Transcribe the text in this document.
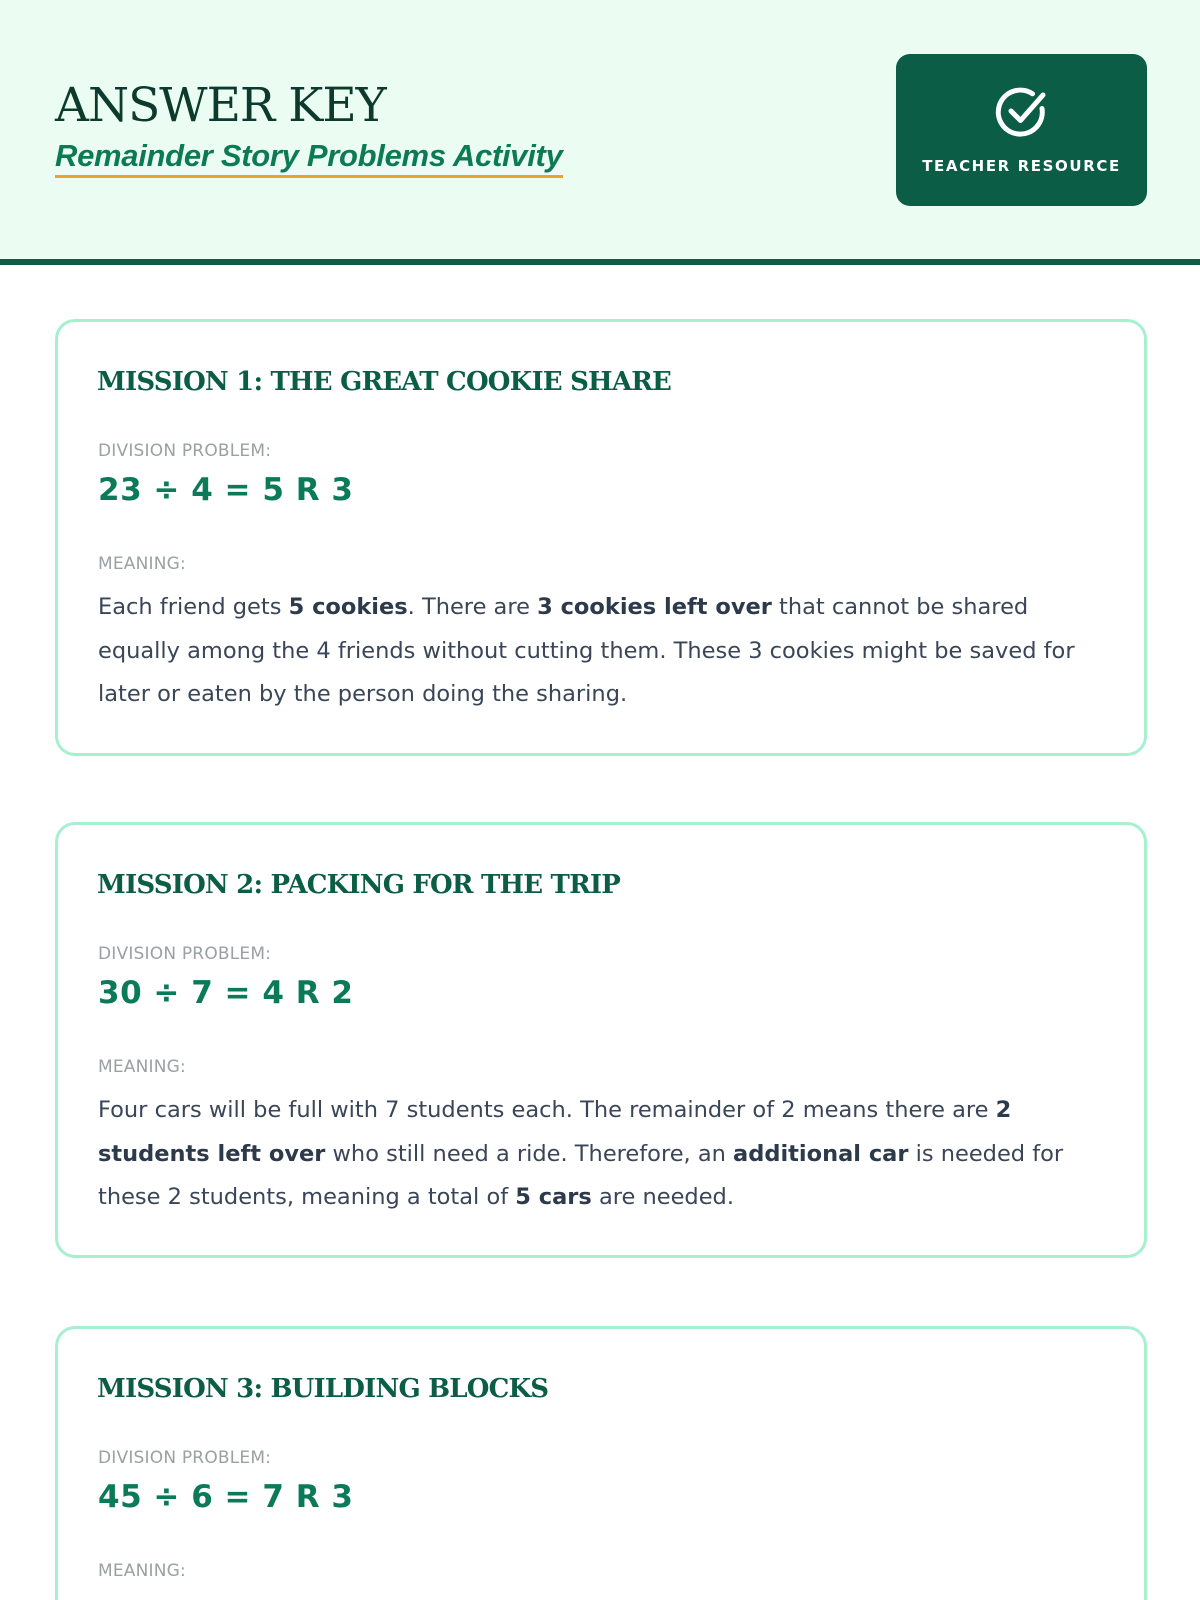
ANSWER KEY
Remainder Story Problems Activity	TEACHER RESOURCE
MISSION 1: THE GREAT COOKIE SHARE
DIVISION PROBLEM:
23 ÷ 4 = 5 R 3
MEANING:

Each friend gets 5 cookies. There are 3 cookies left over that cannot be shared equally among the 4 friends without cutting them. These 3 cookies might be saved for later or eaten by the person doing the sharing.

MISSION 2: PACKING FOR THE TRIP
DIVISION PROBLEM:
30 ÷ 7 = 4 R 2
MEANING:

Four cars will be full with 7 students each. The remainder of 2 means there are 2 students left over who still need a ride. Therefore, an additional car is needed for these 2 students, meaning a total of 5 cars are needed.

MISSION 3: BUILDING BLOCKS
DIVISION PROBLEM:
45 ÷ 6 = 7 R 3
MEANING:
